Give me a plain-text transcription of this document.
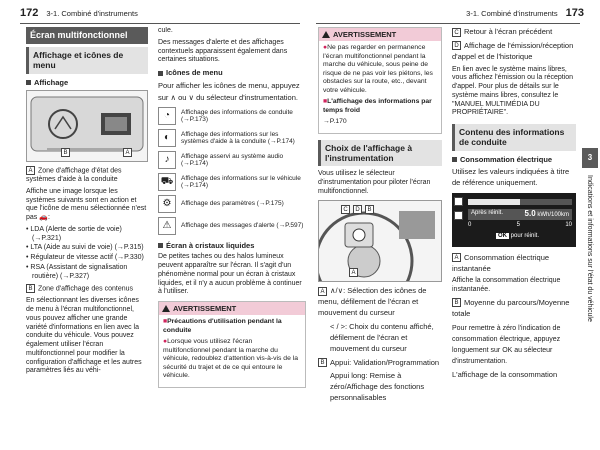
172 3-1. Combiné d'instruments	3-1. Combiné d'instruments 173
3
Indications et informations sur l'état du véhicule
Écran multifonctionnel
Affichage et icônes de menu
Affichage
B	A

A Zone d'affichage d'état des systèmes d'aide à la conduite

Affiche une image lorsque les systèmes suivants sont en action et que l'icône de menu sélectionnée n'est pas 🚗:

• LDA (Alerte de sortie de voie) (→P.321)
• LTA (Aide au suivi de voie) (→P.315)
• Régulateur de vitesse actif (→P.330)
• RSA (Assistant de signalisation routière) (→P.327)

B Zone d'affichage des contenus

En sélectionnant les diverses icônes de menu à l'écran multifonctionnel, vous pouvez afficher une grande variété d'informations en lien avec la conduite du véhicule. Vous pouvez également utiliser l'écran multifonctionnel pour modifier la configuration d'affichage et les autres paramètres liés au véhi-

cule.

Des messages d'alerte et des affichages contextuels apparaissent également dans certaines situations.

Icônes de menu

Pour afficher les icônes de menu, appuyez sur ∧ ou ∨ du sélecteur d'instrumentation.

◔	Affichage des informations de conduite (→P.173)
◐	Affichage des informations sur les systèmes d'aide à la conduite (→P.174)
♪	Affichage asservi au système audio (→P.174)
⛟	Affichage des informations sur le véhicule (→P.174)
⚙	Affichage des paramètres (→P.175)
⚠	Affichage des messages d'alerte (→P.597)
Écran à cristaux liquides

De petites taches ou des halos lumineux peuvent apparaître sur l'écran. Il s'agit d'un phénomène normal pour un écran à cristaux liquides, et il n'y a aucun problème à continuer à l'utiliser.

AVERTISSEMENT

■Précautions d'utilisation pendant la conduite

●Lorsque vous utilisez l'écran multifonctionnel pendant la marche du véhicule, redoublez d'attention vis-à-vis de la sécurité du trajet et de ce qui entoure le véhicule.

AVERTISSEMENT

●Ne pas regarder en permanence l'écran multifonctionnel pendant la marche du véhicule, sous peine de risque de ne pas voir les piétons, les obstacles sur la route, etc., devant votre véhicule.

■L'affichage des informations par temps froid

→P.170

Choix de l'affichage à l'instrumentation

Vous utilisez le sélecteur d'instrumentation pour piloter l'écran multifonctionnel.

C	D	B
A

A ∧/∨: Sélection des icônes de menu, défilement de l'écran et mouvement du curseur

< / >: Choix du contenu affiché, défilement de l'écran et mouvement du curseur

B Appui: Validation/Programmation

Appui long: Remise à zéro/Affichage des fonctions personnalisables

C Retour à l'écran précédent

D Affichage de l'émission/réception d'appel et de l'historique

En lien avec le système mains libres, vous affichez l'émission ou la réception d'appel. Pour plus de détails sur le système mains libres, consultez le "MANUEL MULTIMÉDIA DU PROPRIÉTAIRE".

Contenu des informations de conduite
Consommation électrique

Utilisez les valeurs indiquées à titre de référence uniquement.

A
B	Après réinit.	5.0 kWh/100km
0	5	10
OK pour réinit.

A Consommation électrique instantanée

Affiche la consommation électrique instantanée.

B Moyenne du parcours/Moyenne totale

Pour remettre à zéro l'indication de consommation électrique, appuyez longuement sur OK au sélecteur d'instrumentation.

L'affichage de la consommation
